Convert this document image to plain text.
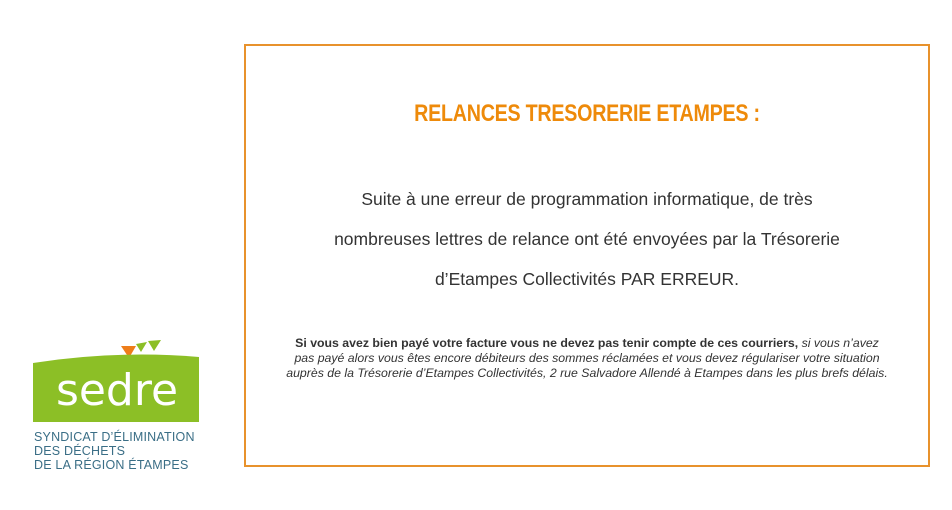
sedre
SYNDICAT D’ÉLIMINATION
DES DÉCHETS
DE LA RÉGION ÉTAMPES
RELANCES TRESORERIE ETAMPES :
Suite à une erreur de programmation informatique, de très
nombreuses lettres de relance ont été envoyées par la Trésorerie
d’Etampes Collectivités PAR ERREUR.
Si vous avez bien payé votre facture vous ne devez pas tenir compte de ces courriers, si vous n’avez pas payé alors vous êtes encore débiteurs des sommes réclamées et vous devez régulariser votre situation auprès de la Trésorerie d’Etampes Collectivités, 2 rue Salvadore Allendé à Etampes dans les plus brefs délais.
